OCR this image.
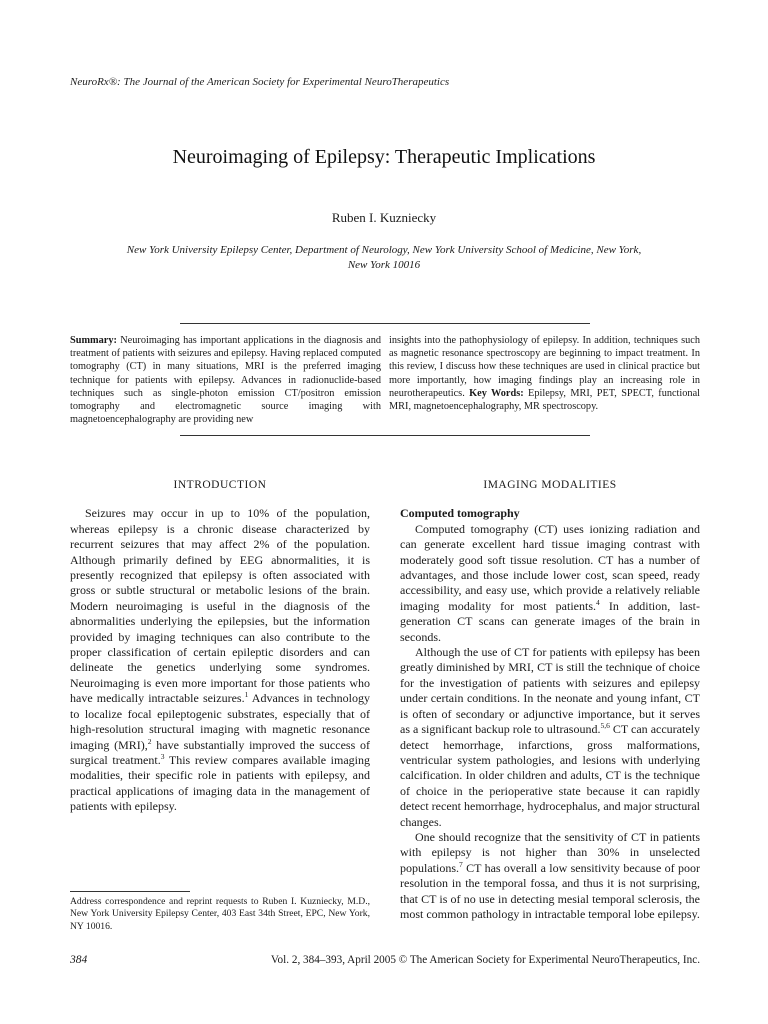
NeuroRx®: The Journal of the American Society for Experimental NeuroTherapeutics
Neuroimaging of Epilepsy: Therapeutic Implications
Ruben I. Kuzniecky
New York University Epilepsy Center, Department of Neurology, New York University School of Medicine, New York,
New York 10016
Summary: Neuroimaging has important applications in the diagnosis and treatment of patients with seizures and epilepsy. Having replaced computed tomography (CT) in many situations, MRI is the preferred imaging technique for patients with epilepsy. Advances in radionuclide-based techniques such as single-photon emission CT/positron emission tomography and electromagnetic source imaging with magnetoencephalography are providing new
insights into the pathophysiology of epilepsy. In addition, techniques such as magnetic resonance spectroscopy are beginning to impact treatment. In this review, I discuss how these techniques are used in clinical practice but more importantly, how imaging findings play an increasing role in neurotherapeutics. Key Words: Epilepsy, MRI, PET, SPECT, functional MRI, magnetoencephalography, MR spectroscopy.
INTRODUCTION

Seizures may occur in up to 10% of the population, whereas epilepsy is a chronic disease characterized by recurrent seizures that may affect 2% of the population. Although primarily defined by EEG abnormalities, it is presently recognized that epilepsy is often associated with gross or subtle structural or metabolic lesions of the brain. Modern neuroimaging is useful in the diagnosis of the abnormalities underlying the epilepsies, but the information provided by imaging techniques can also contribute to the proper classification of certain epileptic disorders and can delineate the genetics underlying some syndromes. Neuroimaging is even more important for those patients who have medically intractable seizures.$^1$ Advances in technology to localize focal epileptogenic substrates, especially that of high-resolution structural imaging with magnetic resonance imaging (MRI),$^2$ have substantially improved the success of surgical treatment.$^3$ This review compares available imaging modalities, their specific role in patients with epilepsy, and practical applications of imaging data in the management of patients with epilepsy.

IMAGING MODALITIES
Computed tomography

Computed tomography (CT) uses ionizing radiation and can generate excellent hard tissue imaging contrast with moderately good soft tissue resolution. CT has a number of advantages, and those include lower cost, scan speed, ready accessibility, and easy use, which provide a relatively reliable imaging modality for most patients.$^4$ In addition, last-generation CT scans can generate images of the brain in seconds.

Although the use of CT for patients with epilepsy has been greatly diminished by MRI, CT is still the technique of choice for the investigation of patients with seizures and epilepsy under certain conditions. In the neonate and young infant, CT is often of secondary or adjunctive importance, but it serves as a significant backup role to ultrasound.$^{5,6}$ CT can accurately detect hemorrhage, infarctions, gross malformations, ventricular system pathologies, and lesions with underlying calcification. In older children and adults, CT is the technique of choice in the perioperative state because it can rapidly detect recent hemorrhage, hydrocephalus, and major structural changes.

One should recognize that the sensitivity of CT in patients with epilepsy is not higher than 30% in unselected populations.$^7$ CT has overall a low sensitivity because of poor resolution in the temporal fossa, and thus it is not surprising, that CT is of no use in detecting mesial temporal sclerosis, the most common pathology in intractable temporal lobe epilepsy.

Address correspondence and reprint requests to Ruben I. Kuzniecky, M.D., New York University Epilepsy Center, 403 East 34th Street, EPC, New York, NY 10016.
384	Vol. 2, 384–393, April 2005 © The American Society for Experimental NeuroTherapeutics, Inc.
